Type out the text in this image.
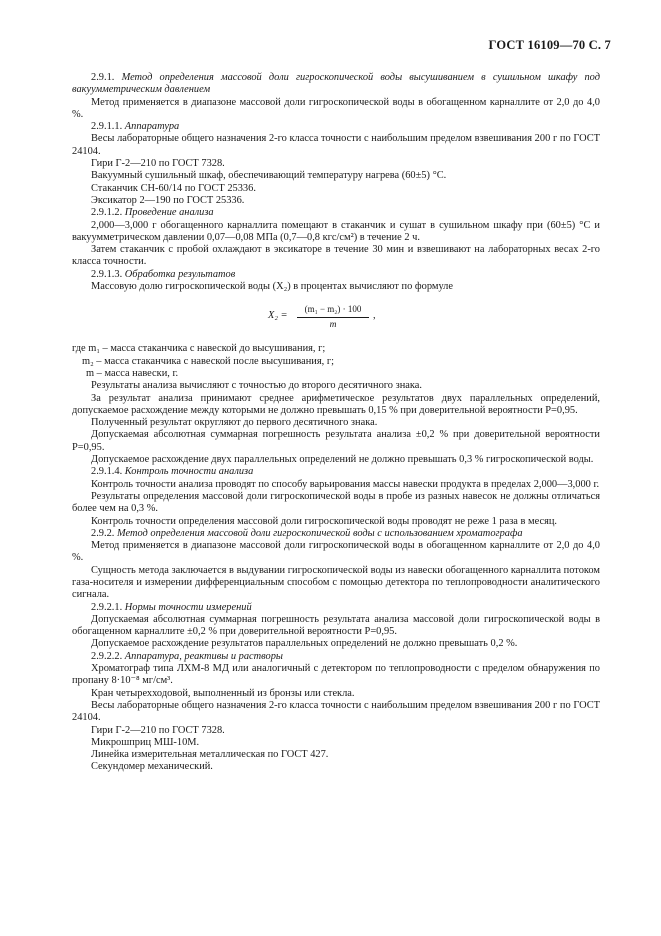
ГОСТ 16109—70 С. 7

2.9.1. Метод определения массовой доли гигроскопической воды высушиванием в сушильном шкафу под вакуумметрическим давлением

Метод применяется в диапазоне массовой доли гигроскопической воды в обогащенном карналлите от 2,0 до 4,0 %.

2.9.1.1. Аппаратура

Весы лабораторные общего назначения 2-го класса точности с наибольшим пределом взвешивания 200 г по ГОСТ 24104.

Гири Г-2—210 по ГОСТ 7328.

Вакуумный сушильный шкаф, обеспечивающий температуру нагрева (60±5) °С.

Стаканчик СН-60/14 по ГОСТ 25336.

Эксикатор 2—190 по ГОСТ 25336.

2.9.1.2. Проведение анализа

2,000—3,000 г обогащенного карналлита помещают в стаканчик и сушат в сушильном шкафу при (60±5) °С и вакуумметрическом давлении 0,07—0,08 МПа (0,7—0,8 кгс/см²) в течение 2 ч.

Затем стаканчик с пробой охлаждают в эксикаторе в течение 30 мин и взвешивают на лабораторных весах 2-го класса точности.

2.9.1.3. Обработка результатов

Массовую долю гигроскопической воды (X₂) в процентах вычисляют по формуле

$X_2 = \frac{\text{(m₁ − m₂) · 100}}{m}$ ,

где m₁ – масса стаканчика с навеской до высушивания, г;

m₂ – масса стаканчика с навеской после высушивания, г;

m – масса навески, г.

Результаты анализа вычисляют с точностью до второго десятичного знака.

За результат анализа принимают среднее арифметическое результатов двух параллельных определений, допускаемое расхождение между которыми не должно превышать 0,15 % при доверительной вероятности P=0,95.

Полученный результат округляют до первого десятичного знака.

Допускаемая абсолютная суммарная погрешность результата анализа ±0,2 % при доверительной вероятности P=0,95.

Допускаемое расхождение двух параллельных определений не должно превышать 0,3 % гигроскопической воды.

2.9.1.4. Контроль точности анализа

Контроль точности анализа проводят по способу варьирования массы навески продукта в пределах 2,000—3,000 г.

Результаты определения массовой доли гигроскопической воды в пробе из разных навесок не должны отличаться более чем на 0,3 %.

Контроль точности определения массовой доли гигроскопической воды проводят не реже 1 раза в месяц.

2.9.2. Метод определения массовой доли гигроскопической воды с использованием хроматографа

Метод применяется в диапазоне массовой доли гигроскопической воды в обогащенном карналлите от 2,0 до 4,0 %.

Сущность метода заключается в выдувании гигроскопической воды из навески обогащенного карналлита потоком газа-носителя и измерении дифференциальным способом с помощью детектора по теплопроводности аналитического сигнала.

2.9.2.1. Нормы точности измерений

Допускаемая абсолютная суммарная погрешность результата анализа массовой доли гигроскопической воды в обогащенном карналлите ±0,2 % при доверительной вероятности P=0,95.

Допускаемое расхождение результатов параллельных определений не должно превышать 0,2 %.

2.9.2.2. Аппаратура, реактивы и растворы

Хроматограф типа ЛХМ-8 МД или аналогичный с детектором по теплопроводности с пределом обнаружения по пропану 8·10⁻⁸ мг/см³.

Кран четырехходовой, выполненный из бронзы или стекла.

Весы лабораторные общего назначения 2-го класса точности с наибольшим пределом взвешивания 200 г по ГОСТ 24104.

Гири Г-2—210 по ГОСТ 7328.

Микрошприц МШ-10М.

Линейка измерительная металлическая по ГОСТ 427.

Секундомер механический.
